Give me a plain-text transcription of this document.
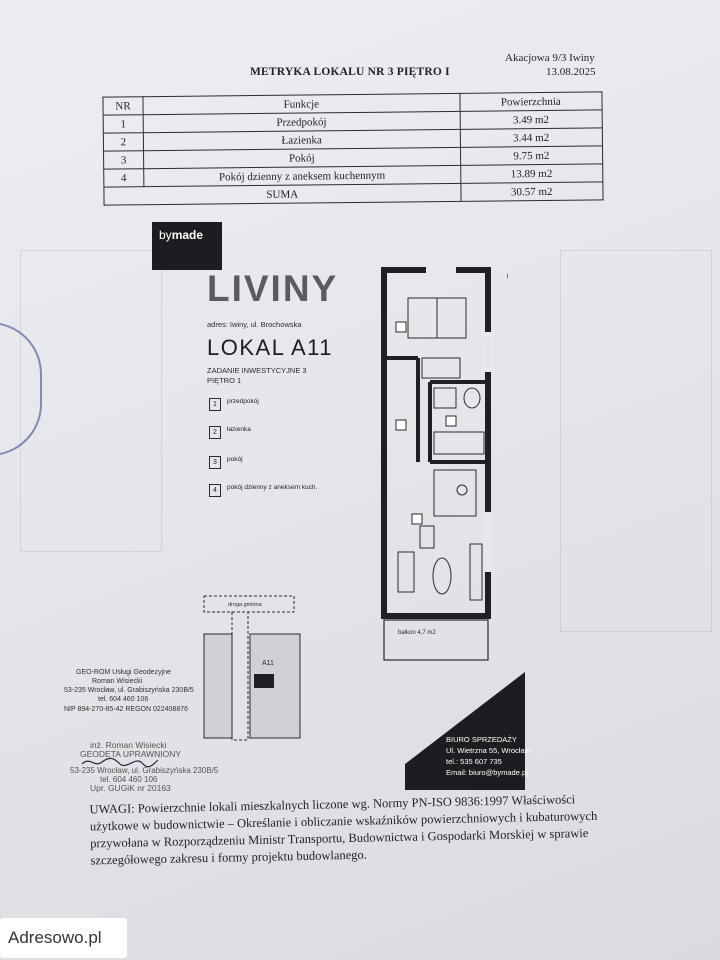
Akacjowa 9/3 Iwiny
13.08.2025
METRYKA LOKALU NR 3 PIĘTRO I
NR	Funkcje	Powierzchnia
1	Przedpokój	3.49 m2
2	Łazienka	3.44 m2
3	Pokój	9.75 m2
4	Pokój dzienny z aneksem kuchennym	13.89 m2
SUMA		30.57 m2
bymade
LIVINY
adres: Iwiny, ul. Brochowska
LOKAL A11
ZADANIE INWESTYCYJNE 3
PIĘTRO 1
1 przedpokój
2 łazienka
3 pokój
4 pokój dzienny z aneksem kuch.
balkon 4,7 m2
droga gminna
A11
GEO-ROM Usługi Geodezyjne
Roman Wisiecki
53-235 Wrocław, ul. Grabiszyńska 230B/5
tel. 604 460 106
NIP 894-270-85-42 REGON 022408876
inż. Roman Wisiecki
GEODETA UPRAWNIONY
53-235 Wrocław, ul. Grabiszyńska 230B/5
tel. 604 460 106
Upr. GUGiK nr 20163
BIURO SPRZEDAŻY
Ul. Wietrzna 55, Wrocław
tel.: 535 607 735
Email: biuro@bymade.pl
UWAGI: Powierzchnie lokali mieszkalnych liczone wg. Normy PN-ISO 9836:1997 Właściwości użytkowe w budownictwie – Określanie i obliczanie wskaźników powierzchniowych i kubaturowych przywołana w Rozporządzeniu Ministr Transportu, Budownictwa i Gospodarki Morskiej w sprawie szczegółowego zakresu i formy projektu budowlanego.
Adresowo.pl
